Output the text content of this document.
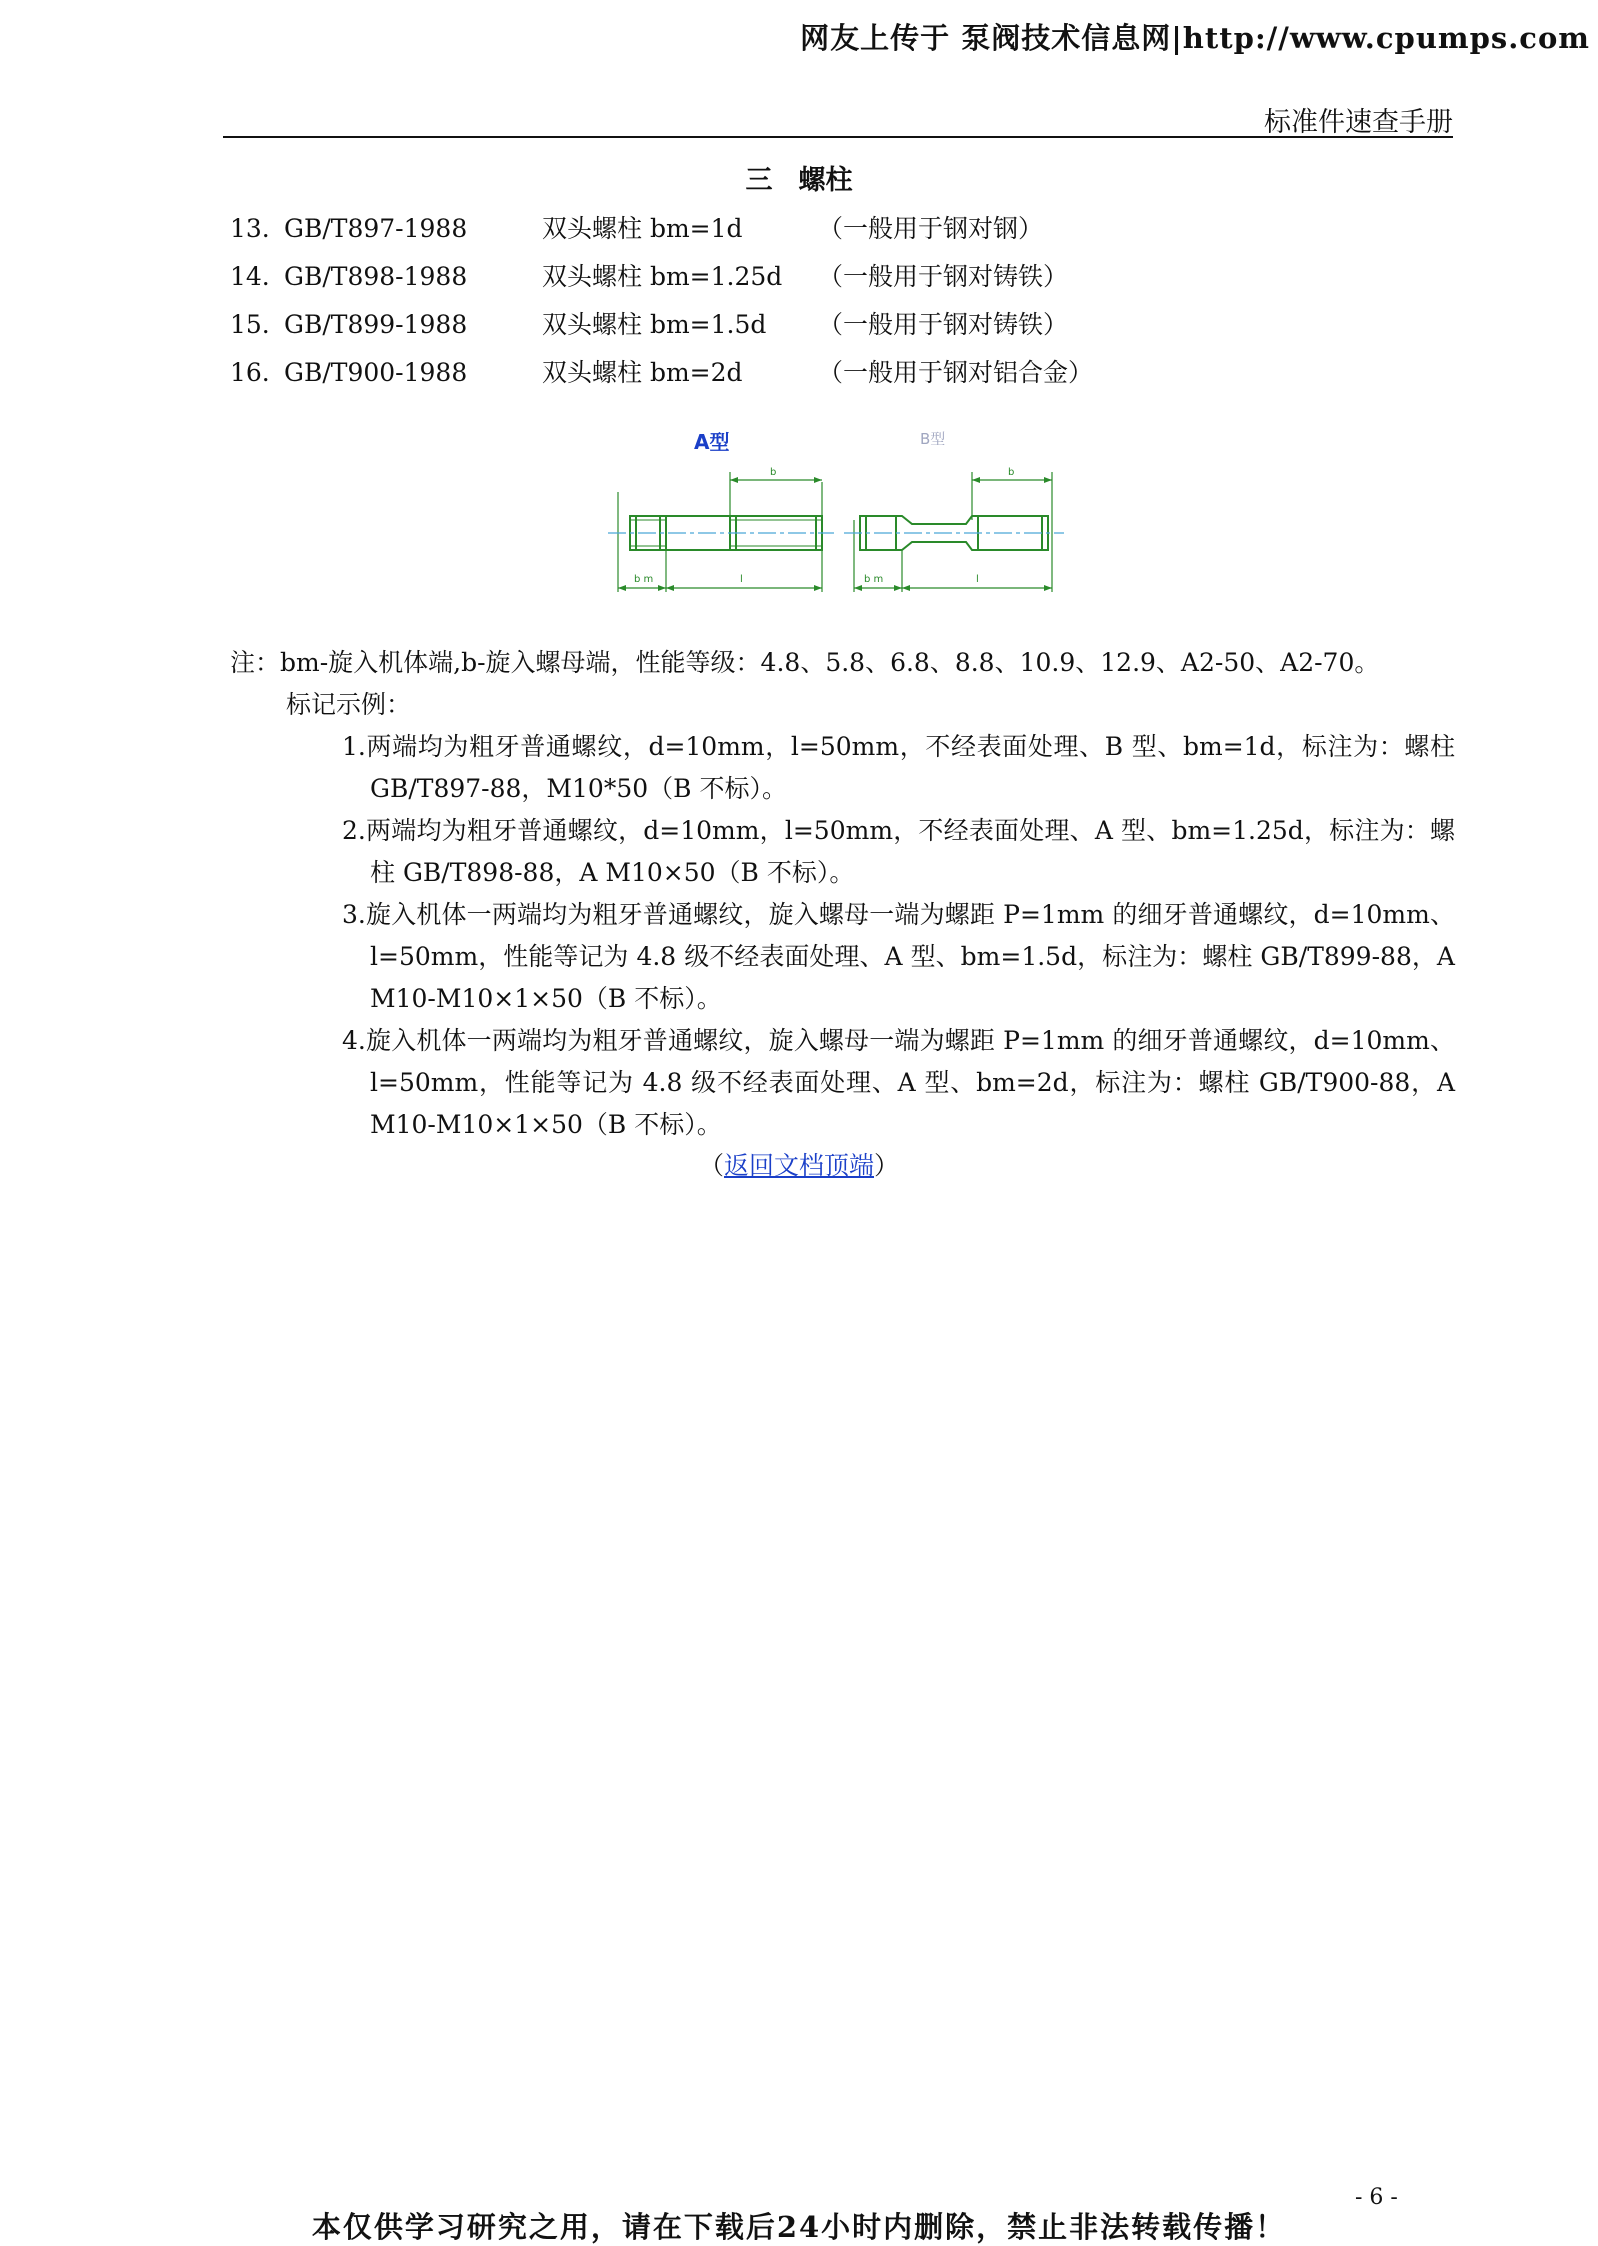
网友上传于 泵阀技术信息网|http://www.cpumps.com
标准件速查手册
三 螺柱
13. GB/T897-1988	双头螺柱 bm=1d	（一般用于钢对钢）
14. GB/T898-1988	双头螺柱 bm=1.25d （一般用于钢对铸铁）
15. GB/T899-1988	双头螺柱 bm=1.5d （一般用于钢对铸铁）
16. GB/T900-1988	双头螺柱 bm=2d	（一般用于钢对铝合金）
A型	B型
b m	l
b
b m	l
b
注：bm-旋入机体端,b-旋入螺母端，性能等级：4.8、5.8、6.8、8.8、10.9、12.9、A2-50、A2-70。
标记示例：
1.两端均为粗牙普通螺纹，d=10mm，l=50mm，不经表面处理、B 型、bm=1d，标注为：螺柱 GB/T897-88，M10*50（B 不标）。
2.两端均为粗牙普通螺纹，d=10mm，l=50mm，不经表面处理、A 型、bm=1.25d，标注为：螺柱 GB/T898-88，A M10×50（B 不标）。
3.旋入机体一两端均为粗牙普通螺纹，旋入螺母一端为螺距 P=1mm 的细牙普通螺纹，d=10mm、l=50mm，性能等记为 4.8 级不经表面处理、A 型、bm=1.5d，标注为：螺柱 GB/T899-88，A M10-M10×1×50（B 不标）。
4.旋入机体一两端均为粗牙普通螺纹，旋入螺母一端为螺距 P=1mm 的细牙普通螺纹，d=10mm、l=50mm，性能等记为 4.8 级不经表面处理、A 型、bm=2d，标注为：螺柱 GB/T900-88，A M10-M10×1×50（B 不标）。
（返回文档顶端）
- 6 -
本仅供学习研究之用，请在下载后24小时内删除，禁止非法转载传播！
